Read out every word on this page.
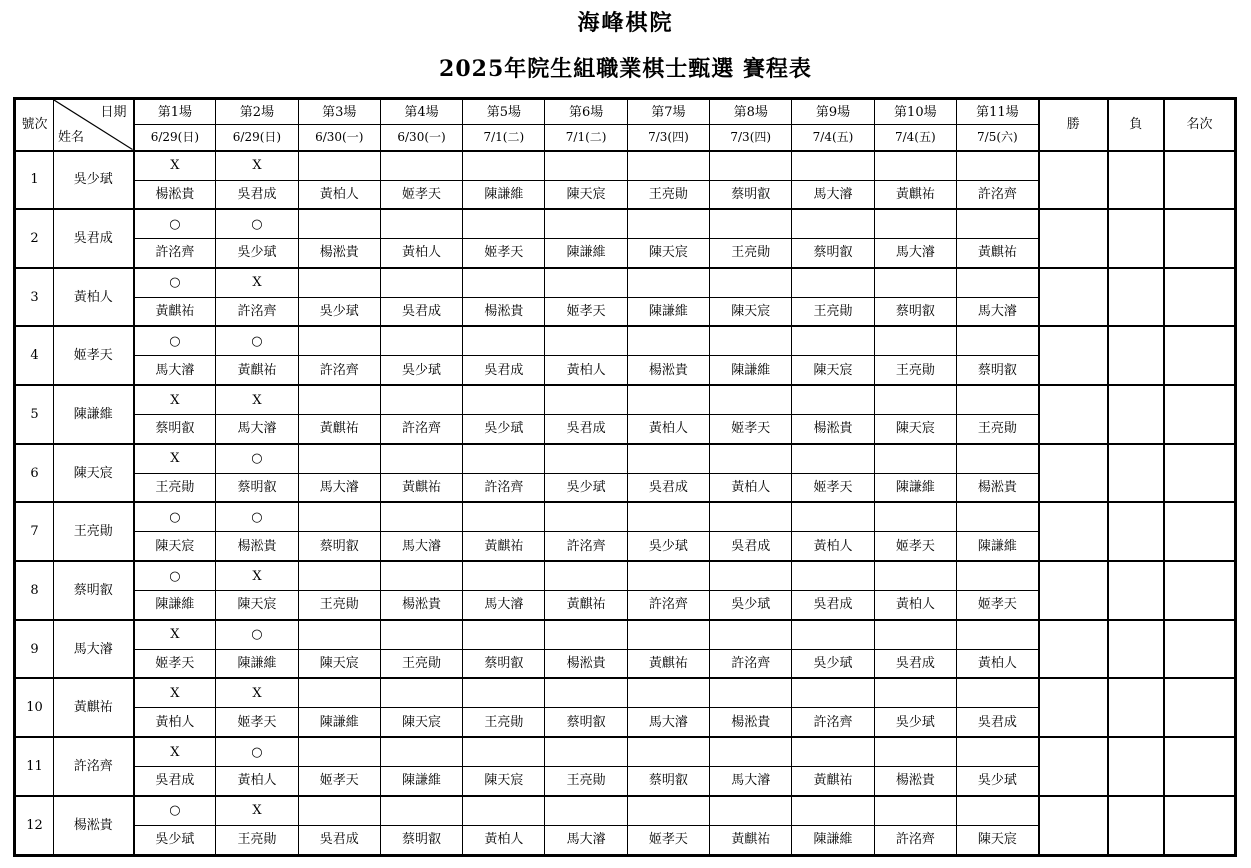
海峰棋院
2025年院生組職業棋士甄選 賽程表
號次	日期
姓名	第1場	第2場	第3場	第4場	第5場	第6場	第7場	第8場	第9場	第10場	第11場	勝	負	名次
		6/29(日)	6/29(日)	6/30(一)	6/30(一)	7/1(二)	7/1(二)	7/3(四)	7/3(四)	7/4(五)	7/4(五)	7/5(六)			
1	吳少珷	X	X												
		楊淞貴	吳君成	黃柏人	姬孝天	陳謙維	陳天宸	王亮勛	蔡明叡	馬大濬	黃麒祐	許洺齊			
2	吳君成	○	○												
		許洺齊	吳少珷	楊淞貴	黃柏人	姬孝天	陳謙維	陳天宸	王亮勛	蔡明叡	馬大濬	黃麒祐			
3	黃柏人	○	X												
		黃麒祐	許洺齊	吳少珷	吳君成	楊淞貴	姬孝天	陳謙維	陳天宸	王亮勛	蔡明叡	馬大濬			
4	姬孝天	○	○												
		馬大濬	黃麒祐	許洺齊	吳少珷	吳君成	黃柏人	楊淞貴	陳謙維	陳天宸	王亮勛	蔡明叡			
5	陳謙維	X	X												
		蔡明叡	馬大濬	黃麒祐	許洺齊	吳少珷	吳君成	黃柏人	姬孝天	楊淞貴	陳天宸	王亮勛			
6	陳天宸	X	○												
		王亮勛	蔡明叡	馬大濬	黃麒祐	許洺齊	吳少珷	吳君成	黃柏人	姬孝天	陳謙維	楊淞貴			
7	王亮勛	○	○												
		陳天宸	楊淞貴	蔡明叡	馬大濬	黃麒祐	許洺齊	吳少珷	吳君成	黃柏人	姬孝天	陳謙維			
8	蔡明叡	○	X												
		陳謙維	陳天宸	王亮勛	楊淞貴	馬大濬	黃麒祐	許洺齊	吳少珷	吳君成	黃柏人	姬孝天			
9	馬大濬	X	○												
		姬孝天	陳謙維	陳天宸	王亮勛	蔡明叡	楊淞貴	黃麒祐	許洺齊	吳少珷	吳君成	黃柏人			
10	黃麒祐	X	X												
		黃柏人	姬孝天	陳謙維	陳天宸	王亮勛	蔡明叡	馬大濬	楊淞貴	許洺齊	吳少珷	吳君成			
11	許洺齊	X	○												
		吳君成	黃柏人	姬孝天	陳謙維	陳天宸	王亮勛	蔡明叡	馬大濬	黃麒祐	楊淞貴	吳少珷			
12	楊淞貴	○	X												
		吳少珷	王亮勛	吳君成	蔡明叡	黃柏人	馬大濬	姬孝天	黃麒祐	陳謙維	許洺齊	陳天宸			
